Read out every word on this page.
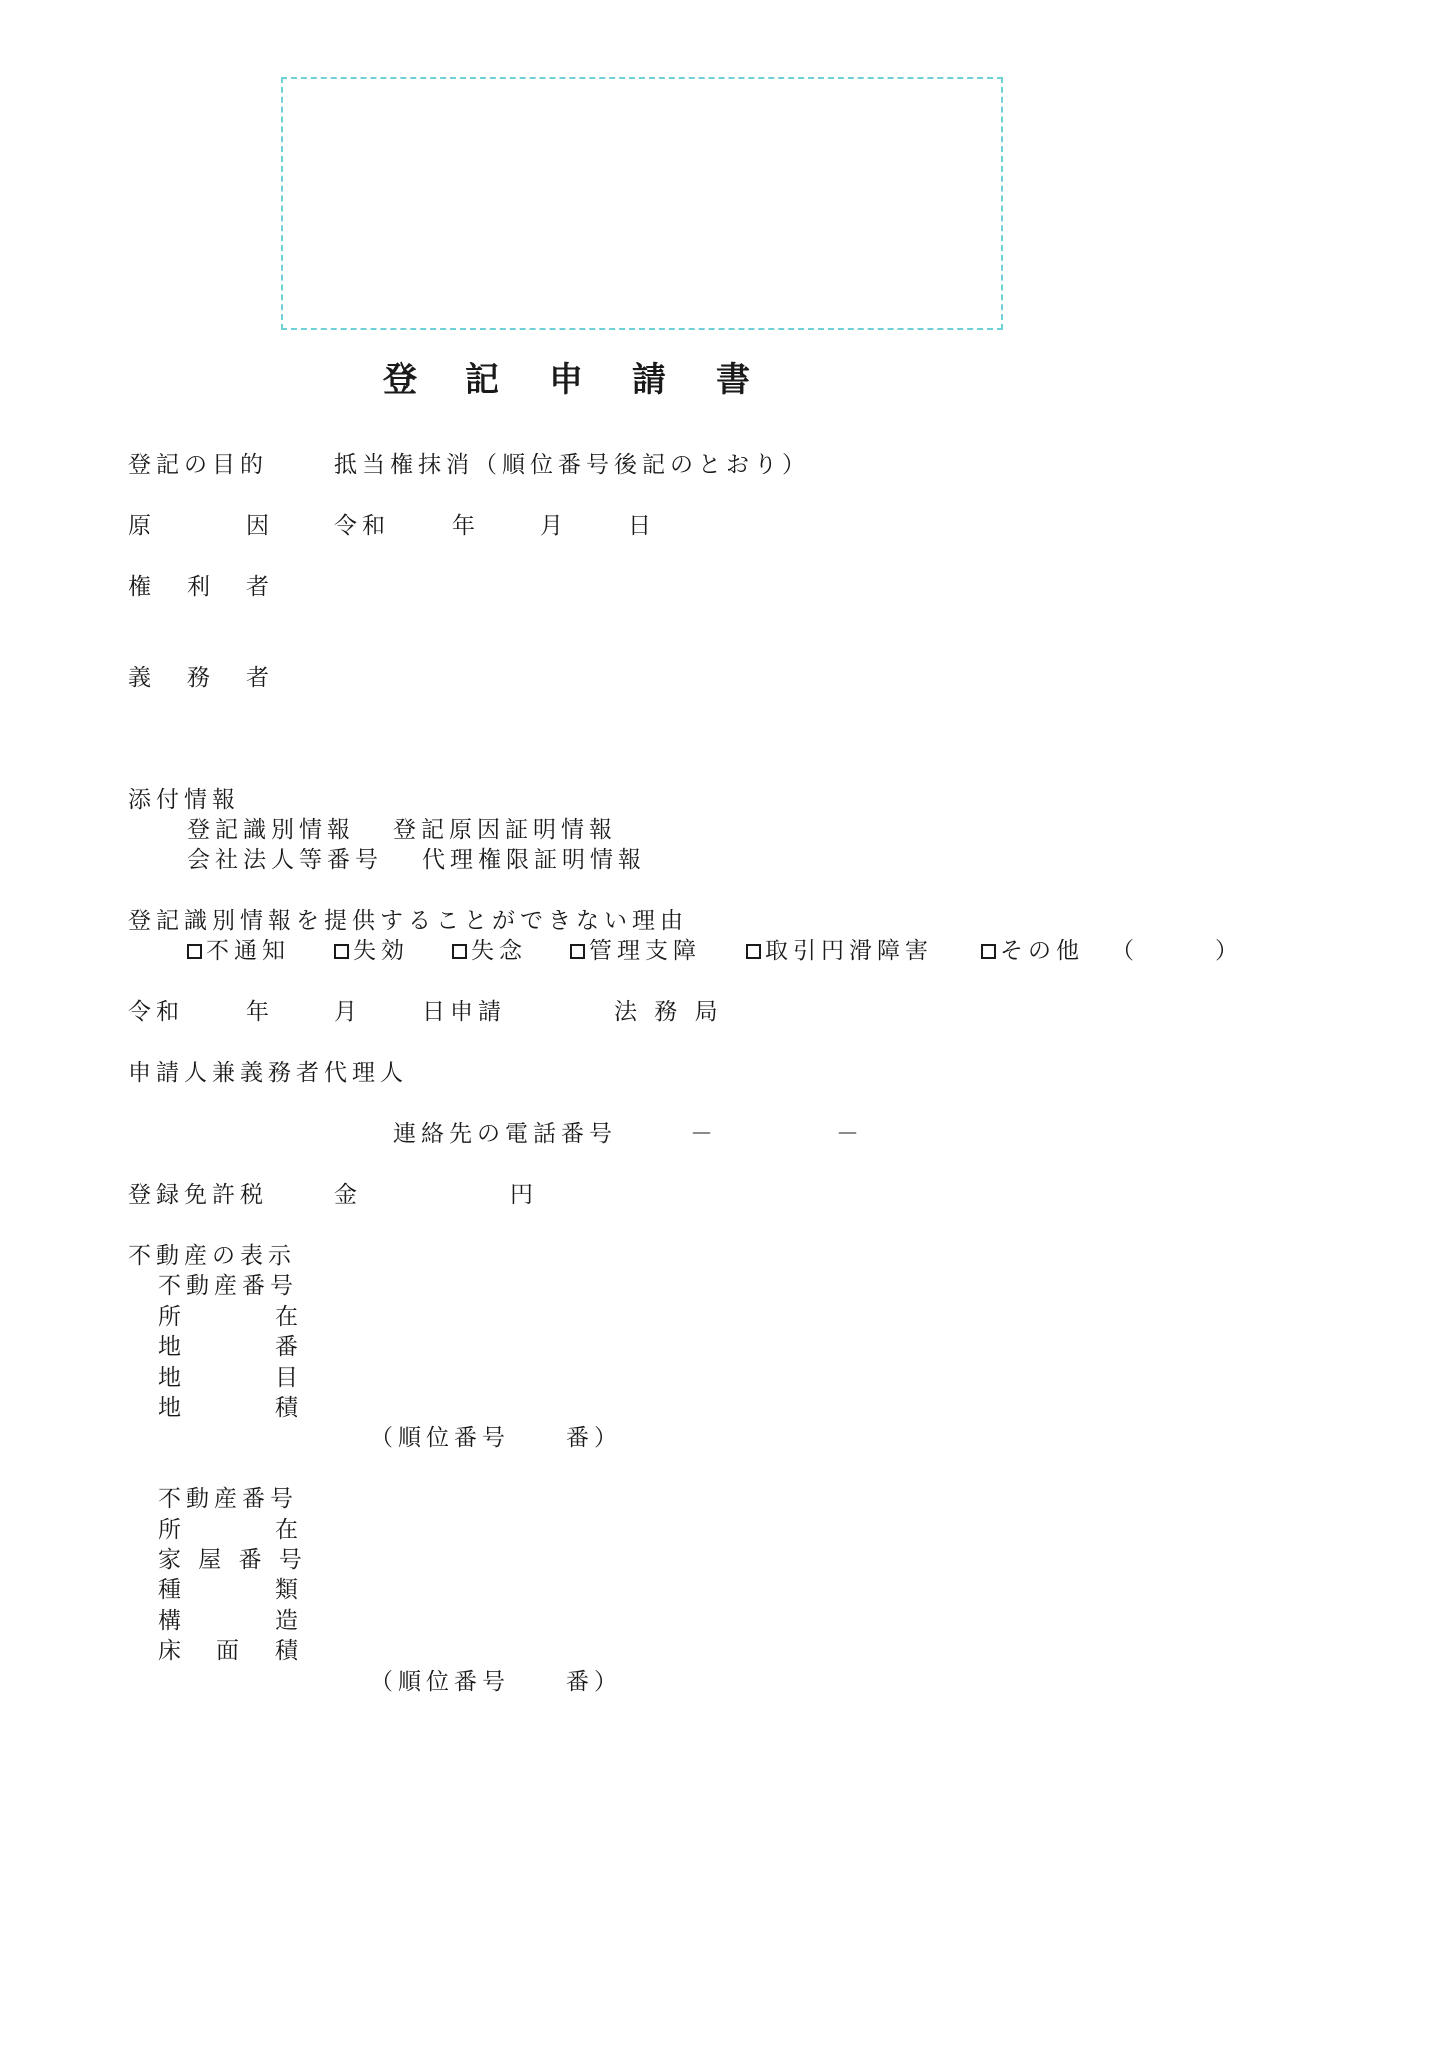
登 記 申 請 書
登記の目的	抵当権抹消（順位番号後記のとおり）
原	因	令和	年	月	日
権 利 者
義 務 者
添付情報
登記識別情報 登記原因証明情報
会社法人等番号 代理権限証明情報
登記識別情報を提供することができない理由
不通知	失効	失念	管理支障	取引円滑障害	その他 （	）
令和	年	月	日申請	法 務 局
申請人兼義務者代理人
連絡先の電話番号	－	－
登録免許税	金	円
不動産の表示
不動産番号
所	在
地	番
地	目
地	積
（順位番号　　番）
不動産番号
所	在
家 屋 番 号
種	類
構	造
床 面 積
（順位番号　　番）
